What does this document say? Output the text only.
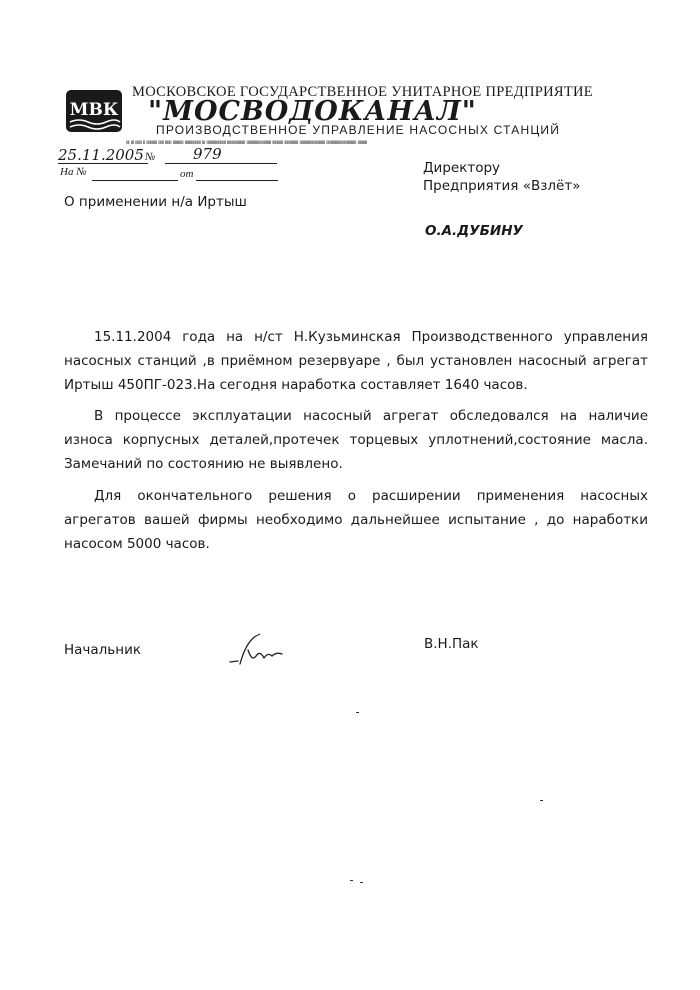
МВК
МОСКОВСКОЕ ГОСУДАРСТВЕННОЕ УНИТАРНОЕ ПРЕДПРИЯТИЕ
"МОСВОДОКАНАЛ"
ПРОИЗВОДСТВЕННОЕ УПРАВЛЕНИЕ НАСОСНЫХ СТАНЦИЙ
ııı ııı ıııııı ıı ıııııııııı ııııı ıııııı ıııııııııı ııııııııııııııı ııı ıııııııııııııııııı ııııııııııııııııı ııııııııııııııııııııııı ıııııııııı ııııııııııııı ıııııııııııııııııııııııı ıııııııııııııııııııııııııııı ııııııııı
25.11.2005 №	979
На №	от	Директору
Предприятия «Взлёт»
О применении н/а Иртыш
О.А.ДУБИНУ

15.11.2004 года на н/ст Н.Кузьминская Производственного управления насосных станций ,в приёмном резервуаре , был установлен насосный агрегат Иртыш 450ПГ-023.На сегодня наработка составляет 1640 часов.

В процессе эксплуатации насосный агрегат обследовался на наличие износа корпусных деталей,протечек торцевых уплотнений,состояние масла. Замечаний по состоянию не выявлено.

Для окончательного решения о расширении применения насосных агрегатов вашей фирмы необходимо дальнейшее испытание , до наработки насосом 5000 часов.

Начальник	В.Н.Пак
